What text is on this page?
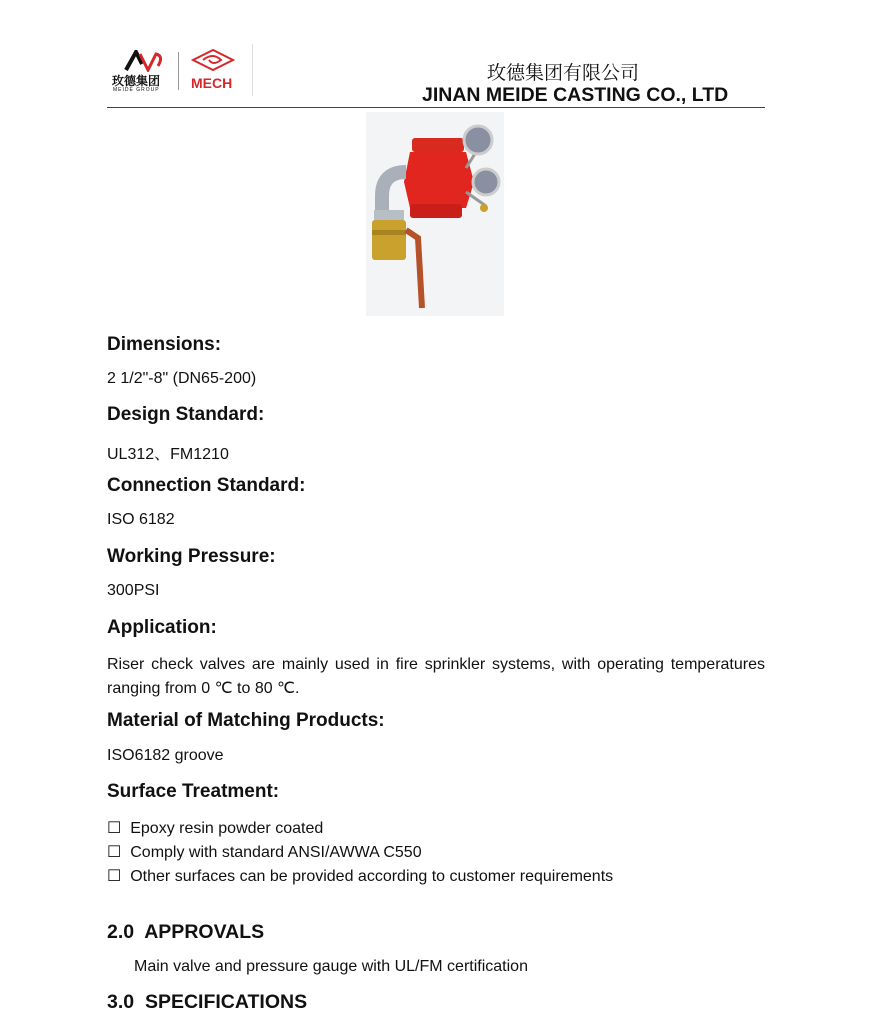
玫德集团
MEIDE GROUP MECH	玫德集团有限公司
JINAN MEIDE CASTING CO., LTD
Dimensions:
2 1/2"-8" (DN65-200)
Design Standard:
UL312、FM1210
Connection Standard:
ISO 6182
Working Pressure:
300PSI
Application:
Riser check valves are mainly used in fire sprinkler systems, with operating temperatures ranging from 0 ℃ to 80 ℃.
Material of Matching Products:
ISO6182 groove
Surface Treatment:
☐ Epoxy resin powder coated
☐ Comply with standard ANSI/AWWA C550
☐ Other surfaces can be provided according to customer requirements
2.0  APPROVALS
Main valve and pressure gauge with UL/FM certification
3.0  SPECIFICATIONS
